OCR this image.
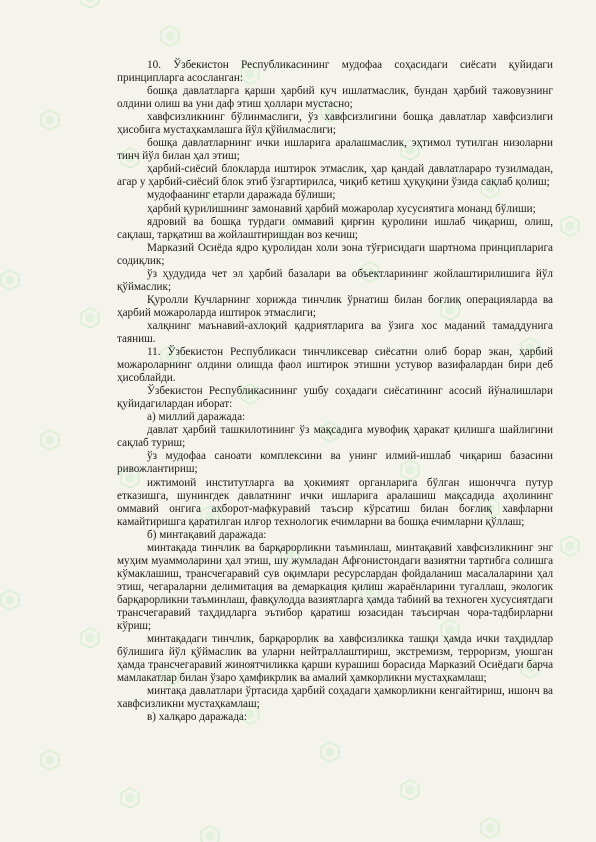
10. Ўзбекистон Республикасининг мудофаа соҳасидаги сиёсати қуйидаги принципларга асосланган:

бошқа давлатларга қарши ҳарбий куч ишлатмаслик, бундан ҳарбий тажовузнинг олдини олиш ва уни даф этиш ҳоллари мустасно;

хавфсизликнинг бўлинмаслиги, ўз хавфсизлигини бошқа давлатлар хавфсизлиги ҳисобига мустаҳкамлашга йўл қўйилмаслиги;

бошқа давлатларнинг ички ишларига аралашмаслик, эҳтимол тутилган низоларни тинч йўл билан ҳал этиш;

ҳарбий-сиёсий блокларда иштирок этмаслик, ҳар қандай давлатлараро тузилмадан, агар у ҳарбий-сиёсий блок этиб ўзгартирилса, чиқиб кетиш ҳуқуқини ўзида сақлаб қолиш;

мудофаанинг етарли даражада бўлиши;

ҳарбий қурилишнинг замонавий ҳарбий можаролар хусусиятига монанд бўлиши;

ядровий ва бошқа турдаги оммавий қирғин қуролини ишлаб чиқариш, олиш, сақлаш, тарқатиш ва жойлаштиришдан воз кечиш;

Марказий Осиёда ядро қуролидан холи зона тўғрисидаги шартнома принципларига содиқлик;

ўз ҳудудида чет эл ҳарбий базалари ва объектларининг жойлаштирилишига йўл қўймаслик;

Қуролли Кучларнинг хорижда тинчлик ўрнатиш билан боғлиқ операцияларда ва ҳарбий можароларда иштирок этмаслиги;

халқнинг маънавий-ахлоқий қадриятларига ва ўзига хос маданий тамаддунига таяниш.

11. Ўзбекистон Республикаси тинчликсевар сиёсатни олиб борар экан, ҳарбий можароларнинг олдини олишда фаол иштирок этишни устувор вазифалардан бири деб ҳисоблайди.

Ўзбекистон Республикасининг ушбу соҳадаги сиёсатининг асосий йўналишлари қуйидагилардан иборат:

а) миллий даражада:

давлат ҳарбий ташкилотининг ўз мақсадига мувофиқ ҳаракат қилишга шайлигини сақлаб туриш;

ўз мудофаа саноати комплексини ва унинг илмий-ишлаб чиқариш базасини ривожлантириш;

ижтимоий институтларга ва ҳокимият органларига бўлган ишонччга путур етказишга, шунингдек давлатнинг ички ишларига аралашиш мақсадида аҳолининг оммавий онгига ахборот-мафкуравий таъсир кўрсатиш билан боғлиқ хавфларни камайтиришга қаратилган илғор технологик ечимларни ва бошқа ечимларни қўллаш;

б) минтақавий даражада:

минтақада тинчлик ва барқарорликни таъминлаш, минтақавий хавфсизликнинг энг муҳим муаммоларини ҳал этиш, шу жумладан Афғонистондаги вазиятни тартибга солишга кўмаклашиш, трансчегаравий сув оқимлари ресурслардан фойдаланиш масалаларини ҳал этиш, чегараларни делимитация ва демаркация қилиш жараёнларини тугаллаш, экологик барқарорликни таъминлаш, фавқулодда вазиятларга ҳамда табиий ва техноген хусусиятдаги трансчегаравий таҳдидларга эътибор қаратиш юзасидан таъсирчан чора-тадбирларни кўриш;

минтақадаги тинчлик, барқарорлик ва хавфсизликка ташқи ҳамда ички таҳдидлар бўлишига йўл қўймаслик ва уларни нейтраллаштириш, экстремизм, терроризм, уюшган ҳамда трансчегаравий жиноятчиликка қарши курашиш борасида Марказий Осиёдаги барча мамлакатлар билан ўзаро ҳамфикрлик ва амалий ҳамкорликни мустаҳкамлаш;

минтақа давлатлари ўртасида ҳарбий соҳадаги ҳамкорликни кенгайтириш, ишонч ва хавфсизликни мустаҳкамлаш;

в) халқаро даражада:
